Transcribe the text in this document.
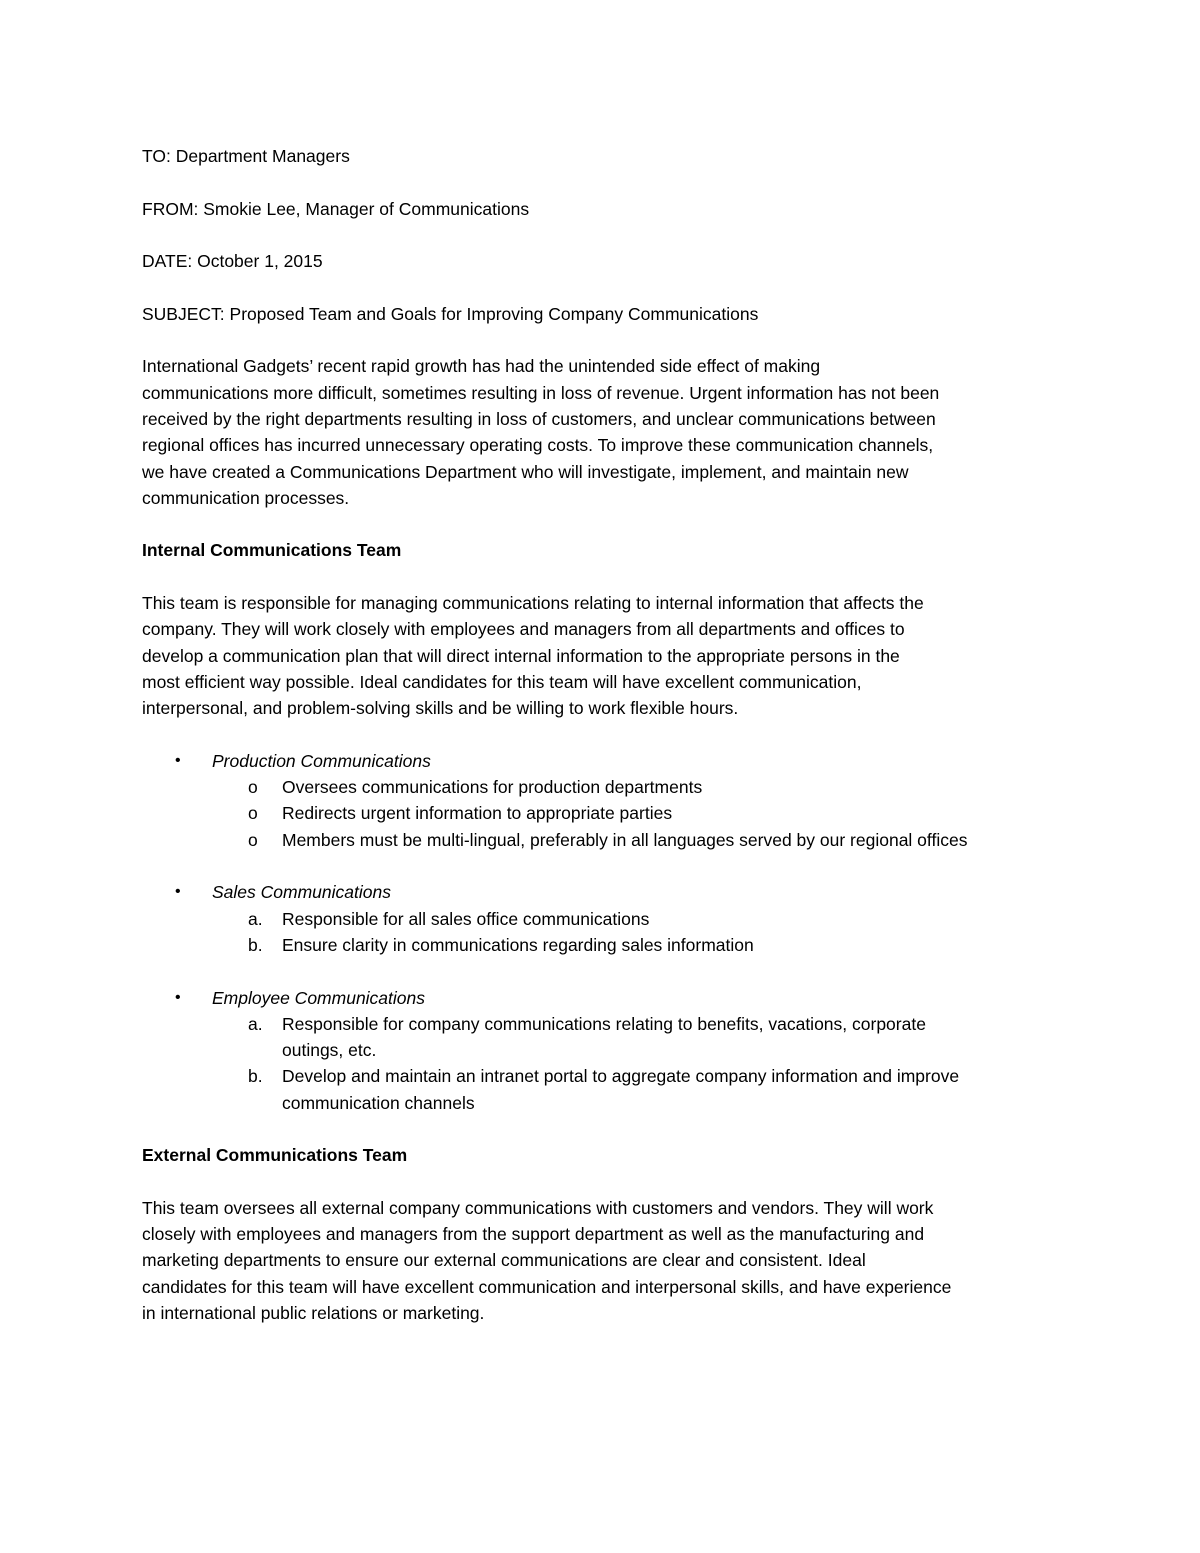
TO: Department Managers

FROM: Smokie Lee, Manager of Communications

DATE: October 1, 2015

SUBJECT: Proposed Team and Goals for Improving Company Communications

International Gadgets’ recent rapid growth has had the unintended side effect of making

communications more difficult, sometimes resulting in loss of revenue. Urgent information has not been

received by the right departments resulting in loss of customers, and unclear communications between

regional offices has incurred unnecessary operating costs. To improve these communication channels,

we have created a Communications Department who will investigate, implement, and maintain new

communication processes.

Internal Communications Team

This team is responsible for managing communications relating to internal information that affects the

company. They will work closely with employees and managers from all departments and offices to

develop a communication plan that will direct internal information to the appropriate persons in the

most efficient way possible. Ideal candidates for this team will have excellent communication,

interpersonal, and problem-solving skills and be willing to work flexible hours.

•	Production Communications

o	Oversees communications for production departments

o	Redirects urgent information to appropriate parties

o	Members must be multi-lingual, preferably in all languages served by our regional offices

•	Sales Communications

a.	Responsible for all sales office communications

b.	Ensure clarity in communications regarding sales information

•	Employee Communications

a.	Responsible for company communications relating to benefits, vacations, corporate

outings, etc.

b.	Develop and maintain an intranet portal to aggregate company information and improve

communication channels

External Communications Team

This team oversees all external company communications with customers and vendors. They will work

closely with employees and managers from the support department as well as the manufacturing and

marketing departments to ensure our external communications are clear and consistent. Ideal

candidates for this team will have excellent communication and interpersonal skills, and have experience

in international public relations or marketing.
